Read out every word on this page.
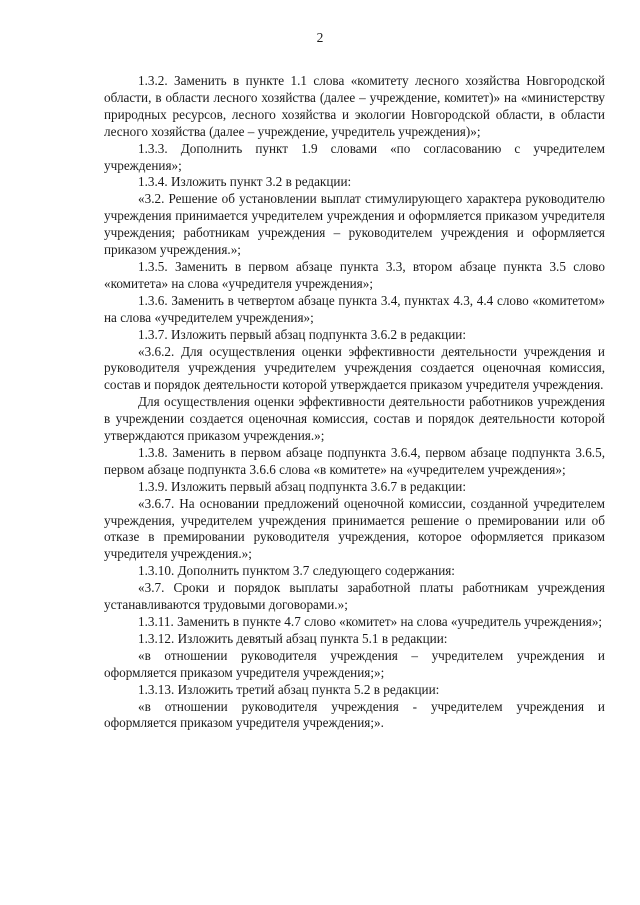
2

1.3.2. Заменить в пункте 1.1 слова «комитету лесного хозяйства Новгородской области, в области лесного хозяйства (далее – учреждение, комитет)» на «министерству природных ресурсов, лесного хозяйства и экологии Новгородской области, в области лесного хозяйства (далее – учреждение, учредитель учреждения)»;

1.3.3. Дополнить пункт 1.9 словами «по согласованию с учредителем учреждения»;

1.3.4. Изложить пункт 3.2 в редакции:

«3.2. Решение об установлении выплат стимулирующего характера руководителю учреждения принимается учредителем учреждения и оформляется приказом учредителя учреждения; работникам учреждения – руководителем учреждения и оформляется приказом учреждения.»;

1.3.5. Заменить в первом абзаце пункта 3.3, втором абзаце пункта 3.5 слово «комитета» на слова «учредителя учреждения»;

1.3.6. Заменить в четвертом абзаце пункта 3.4, пунктах 4.3, 4.4 слово «комитетом» на слова «учредителем учреждения»;

1.3.7. Изложить первый абзац подпункта 3.6.2 в редакции:

«3.6.2. Для осуществления оценки эффективности деятельности учреждения и руководителя учреждения учредителем учреждения создается оценочная комиссия, состав и порядок деятельности которой утверждается приказом учредителя учреждения.

Для осуществления оценки эффективности деятельности работников учреждения в учреждении создается оценочная комиссия, состав и порядок деятельности которой утверждаются приказом учреждения.»;

1.3.8. Заменить в первом абзаце подпункта 3.6.4, первом абзаце подпункта 3.6.5, первом абзаце подпункта 3.6.6 слова «в комитете» на «учредителем учреждения»;

1.3.9. Изложить первый абзац подпункта 3.6.7 в редакции:

«3.6.7. На основании предложений оценочной комиссии, созданной учредителем учреждения, учредителем учреждения принимается решение о премировании или об отказе в премировании руководителя учреждения, которое оформляется приказом учредителя учреждения.»;

1.3.10. Дополнить пунктом 3.7 следующего содержания:

«3.7. Сроки и порядок выплаты заработной платы работникам учреждения устанавливаются трудовыми договорами.»;

1.3.11. Заменить в пункте 4.7 слово «комитет» на слова «учредитель учреждения»;

1.3.12. Изложить девятый абзац пункта 5.1 в редакции:

«в отношении руководителя учреждения – учредителем учреждения и оформляется приказом учредителя учреждения;»;

1.3.13. Изложить третий абзац пункта 5.2 в редакции:

«в отношении руководителя учреждения - учредителем учреждения и оформляется приказом учредителя учреждения;».
